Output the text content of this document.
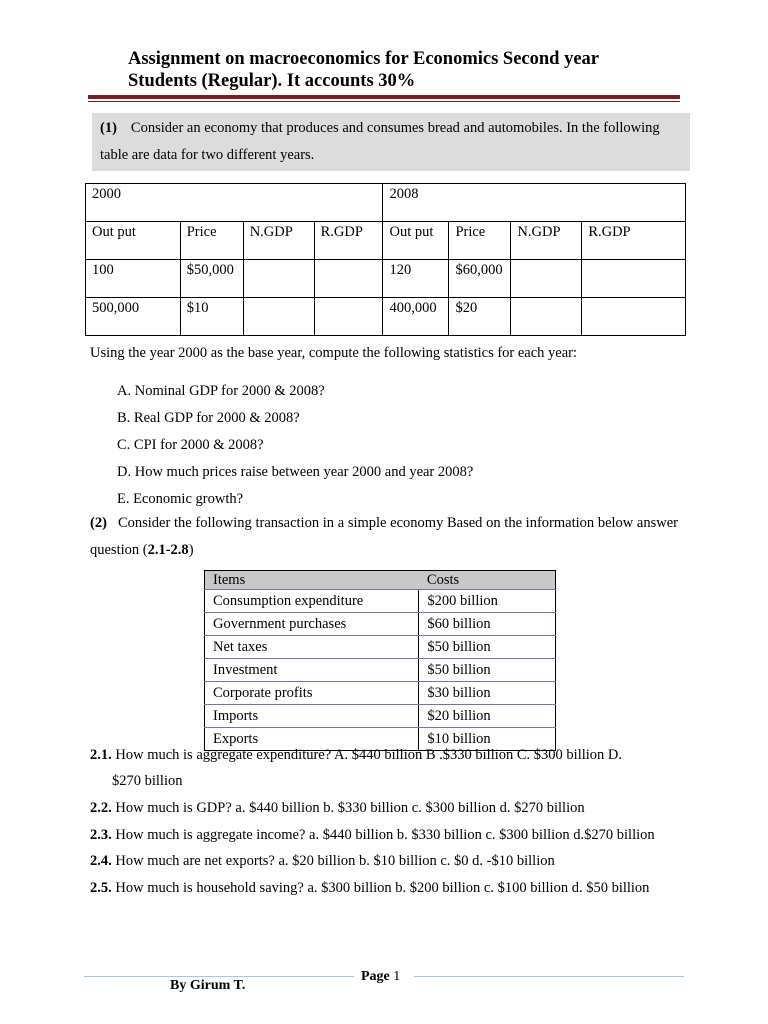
Assignment on macroeconomics for Economics Second year
Students (Regular). It accounts 30%
(1) Consider an economy that produces and consumes bread and automobiles. In the following table are data for two different years.
2000				2008			
Out put	Price	N.GDP	R.GDP	Out put	Price	N.GDP	R.GDP
100	$50,000			120	$60,000		
500,000	$10			400,000	$20		
Using the year 2000 as the base year, compute the following statistics for each year:
A. Nominal GDP for 2000 & 2008?
B. Real GDP for 2000 & 2008?
C. CPI for 2000 & 2008?
D. How much prices raise between year 2000 and year 2008?
E. Economic growth?
(2) Consider the following transaction in a simple economy Based on the information below answer question (2.1-2.8)
Items	Costs
Consumption expenditure	$200 billion
Government purchases	$60 billion
Net taxes	$50 billion
Investment	$50 billion
Corporate profits	$30 billion
Imports	$20 billion
Exports	$10 billion
2.1. How much is aggregate expenditure? A. $440 billion B .$330 billion C. $300 billion D.
$270 billion
2.2. How much is GDP? a. $440 billion b. $330 billion c. $300 billion d. $270 billion
2.3. How much is aggregate income? a. $440 billion b. $330 billion c. $300 billion d.$270 billion
2.4. How much are net exports? a. $20 billion b. $10 billion c. $0 d. -$10 billion
2.5. How much is household saving? a. $300 billion b. $200 billion c. $100 billion d. $50 billion
Page 1
By Girum T.
